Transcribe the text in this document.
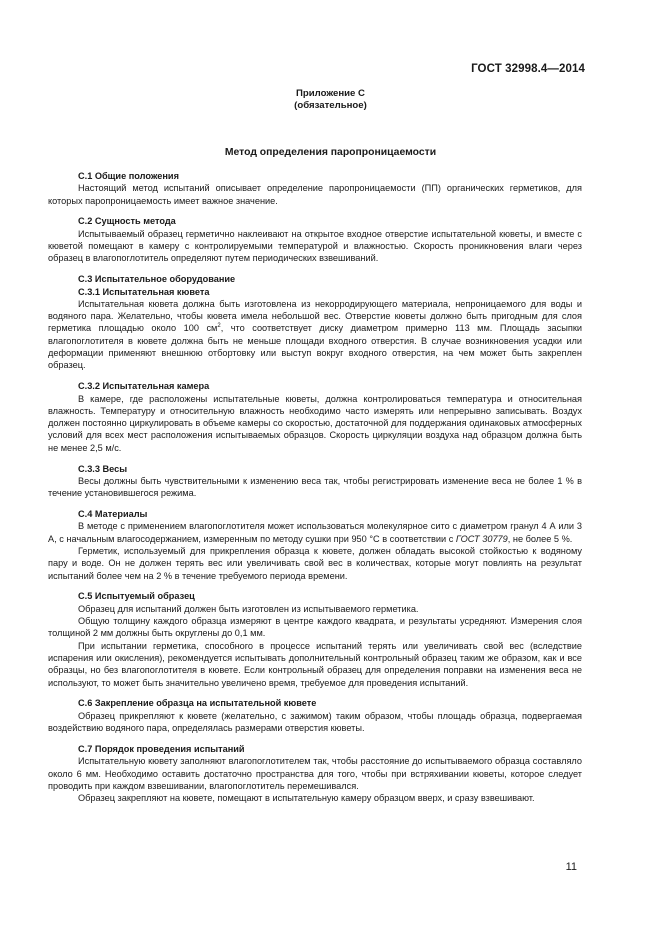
ГОСТ 32998.4—2014
Приложение С
(обязательное)
Метод определения паропроницаемости

С.1 Общие положения

Настоящий метод испытаний описывает определение паропроницаемости (ПП) органических герметиков, для которых паропроницаемость имеет важное значение.

С.2 Сущность метода

Испытываемый образец герметично наклеивают на открытое входное отверстие испытательной кюветы, и вместе с кюветой помещают в камеру с контролируемыми температурой и влажностью. Скорость проникновения влаги через образец в влагопоглотитель определяют путем периодических взвешиваний.

С.3 Испытательное оборудование

С.3.1 Испытательная кювета

Испытательная кювета должна быть изготовлена из некорродирующего материала, непроницаемого для воды и водяного пара. Желательно, чтобы кювета имела небольшой вес. Отверстие кюветы должно быть пригодным для слоя герметика площадью около 100 $см^2$, что соответствует диску диаметром примерно 113 мм. Площадь засыпки влагопоглотителя в кювете должна быть не меньше площади входного отверстия. В случае возникновения усадки или деформации применяют внешнюю отбортовку или выступ вокруг входного отверстия, на чем может быть закреплен образец.

С.3.2 Испытательная камера

В камере, где расположены испытательные кюветы, должна контролироваться температура и относительная влажность. Температуру и относительную влажность необходимо часто измерять или непрерывно записывать. Воздух должен постоянно циркулировать в объеме камеры со скоростью, достаточной для поддержания одинаковых атмосферных условий для всех мест расположения испытываемых образцов. Скорость циркуляции воздуха над образцом должна быть не менее 2,5 м/с.

С.3.3 Весы

Весы должны быть чувствительными к изменению веса так, чтобы регистрировать изменение веса не более 1 % в течение установившегося режима.

С.4 Материалы

В методе с применением влагопоглотителя может использоваться молекулярное сито с диаметром гранул 4 А или 3 А, с начальным влагосодержанием, измеренным по методу сушки при 950 °С в соответствии с ГОСТ 30779, не более 5 %.

Герметик, используемый для прикрепления образца к кювете, должен обладать высокой стойкостью к водяному пару и воде. Он не должен терять вес или увеличивать свой вес в количествах, которые могут повлиять на результат испытаний более чем на 2 % в течение требуемого периода времени.

С.5 Испытуемый образец

Образец для испытаний должен быть изготовлен из испытываемого герметика.

Общую толщину каждого образца измеряют в центре каждого квадрата, и результаты усредняют. Измерения слоя толщиной 2 мм должны быть округлены до 0,1 мм.

При испытании герметика, способного в процессе испытаний терять или увеличивать свой вес (вследствие испарения или окисления), рекомендуется испытывать дополнительный контрольный образец таким же образом, как и все образцы, но без влагопоглотителя в кювете. Если контрольный образец для определения поправки на изменения веса не используют, то может быть значительно увеличено время, требуемое для проведения испытаний.

С.6 Закрепление образца на испытательной кювете

Образец прикрепляют к кювете (желательно, с зажимом) таким образом, чтобы площадь образца, подвергаемая воздействию водяного пара, определялась размерами отверстия кюветы.

С.7 Порядок проведения испытаний

Испытательную кювету заполняют влагопоглотителем так, чтобы расстояние до испытываемого образца составляло около 6 мм. Необходимо оставить достаточно пространства для того, чтобы при встряхивании кюветы, которое следует проводить при каждом взвешивании, влагопоглотитель перемешивался.

Образец закрепляют на кювете, помещают в испытательную камеру образцом вверх, и сразу взвешивают.

11
